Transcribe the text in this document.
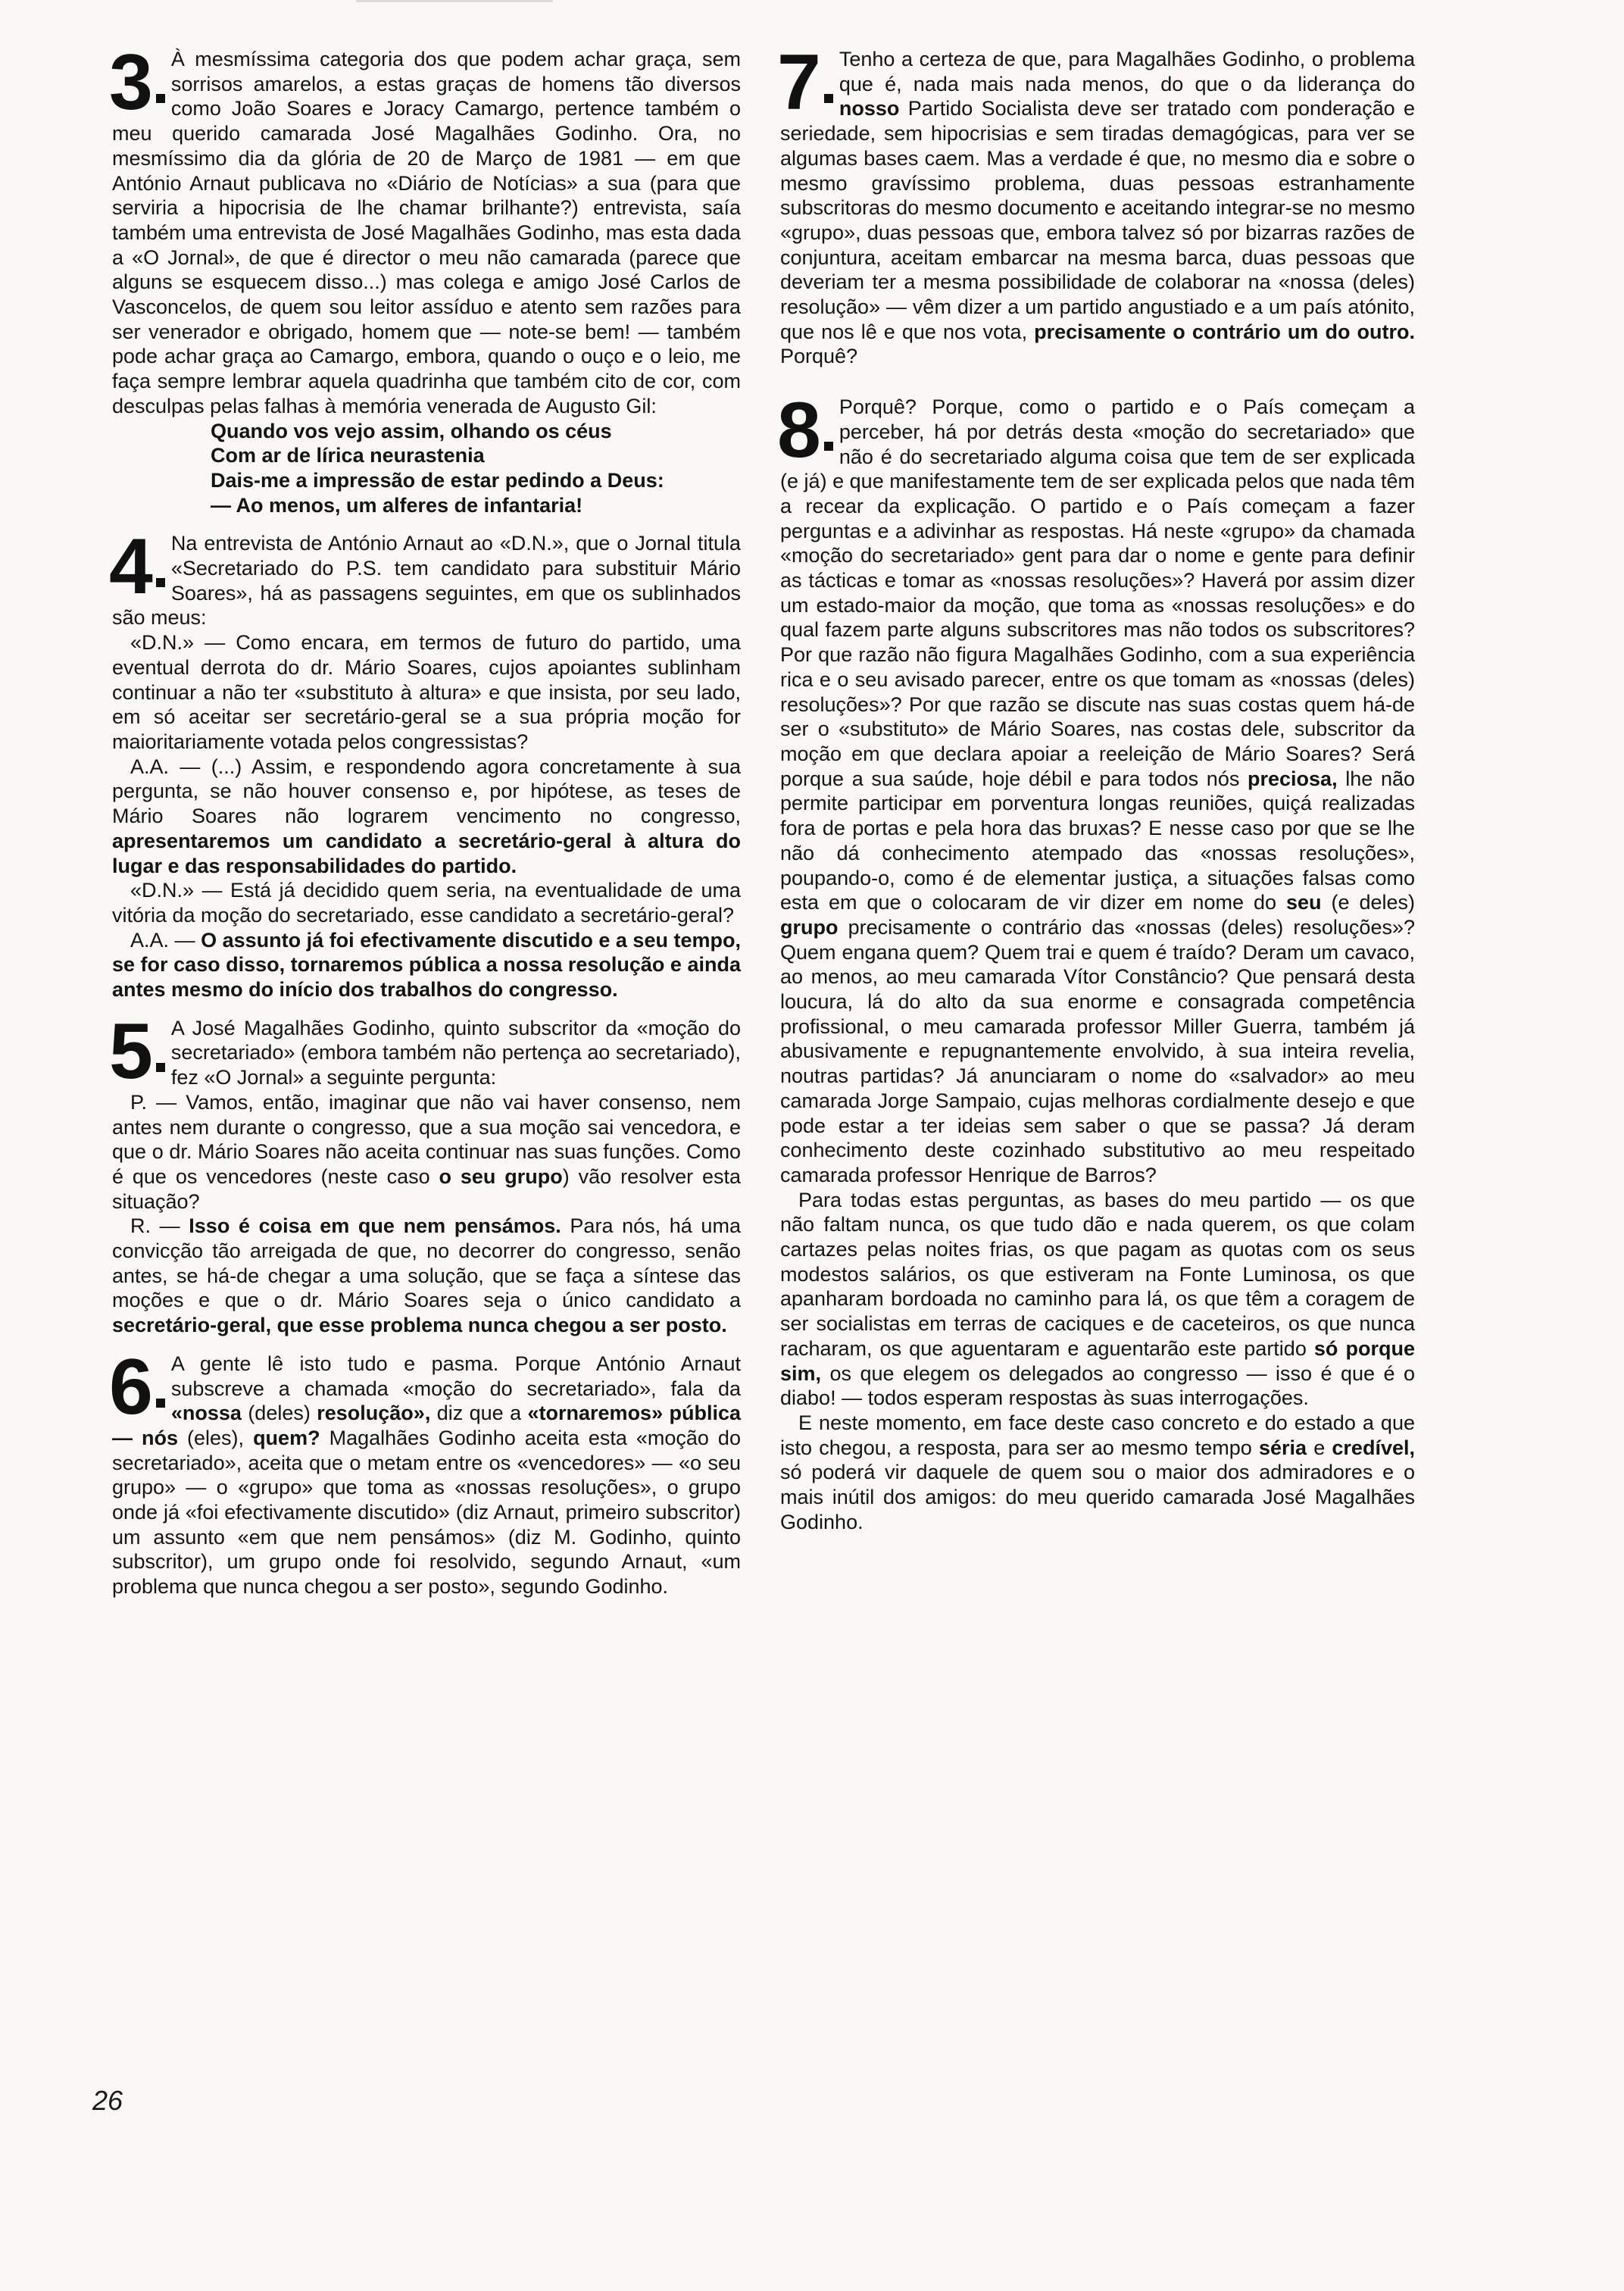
3 À mesmíssima categoria dos que podem achar graça, sem sorrisos amarelos, a estas graças de homens tão diversos como João Soares e Joracy Camargo, pertence também o meu querido camarada José Magalhães Godinho. Ora, no mesmíssimo dia da glória de 20 de Março de 1981 — em que António Arnaut publicava no «Diário de Notícias» a sua (para que serviria a hipocrisia de lhe chamar brilhante?) entrevista, saía também uma entrevista de José Magalhães Godinho, mas esta dada a «O Jornal», de que é director o meu não camarada (parece que alguns se esquecem disso...) mas colega e amigo José Carlos de Vasconcelos, de quem sou leitor assíduo e atento sem razões para ser venerador e obrigado, homem que — note-se bem! — também pode achar graça ao Camargo, embora, quando o ouço e o leio, me faça sempre lembrar aquela quadrinha que também cito de cor, com desculpas pelas falhas à memória venerada de Augusto Gil:

Quando vos vejo assim, olhando os céus
Com ar de lírica neurastenia
Dais-me a impressão de estar pedindo a Deus:
— Ao menos, um alferes de infantaria!
4 Na entrevista de António Arnaut ao «D.N.», que o Jornal titula «Secretariado do P.S. tem candidato para substituir Mário Soares», há as passagens seguintes, em que os sublinhados são meus:

«D.N.» — Como encara, em termos de futuro do partido, uma eventual derrota do dr. Mário Soares, cujos apoiantes sublinham continuar a não ter «substituto à altura» e que insista, por seu lado, em só aceitar ser secretário-geral se a sua própria moção for maioritariamente votada pelos congressistas?

A.A. — (...) Assim, e respondendo agora concretamente à sua pergunta, se não houver consenso e, por hipótese, as teses de Mário Soares não lograrem vencimento no congresso, apresentaremos um candidato a secretário-geral à altura do lugar e das responsabilidades do partido.

«D.N.» — Está já decidido quem seria, na eventualidade de uma vitória da moção do secretariado, esse candidato a secretário-geral?

A.A. — O assunto já foi efectivamente discutido e a seu tempo, se for caso disso, tornaremos pública a nossa resolução e ainda antes mesmo do início dos trabalhos do congresso.

5 A José Magalhães Godinho, quinto subscritor da «moção do secretariado» (embora também não pertença ao secretariado), fez «O Jornal» a seguinte pergunta:

P. — Vamos, então, imaginar que não vai haver consenso, nem antes nem durante o congresso, que a sua moção sai vencedora, e que o dr. Mário Soares não aceita continuar nas suas funções. Como é que os vencedores (neste caso o seu grupo) vão resolver esta situação?

R. — Isso é coisa em que nem pensámos. Para nós, há uma convicção tão arreigada de que, no decorrer do congresso, senão antes, se há-de chegar a uma solução, que se faça a síntese das moções e que o dr. Mário Soares seja o único candidato a secretário-geral, que esse problema nunca chegou a ser posto.

6 A gente lê isto tudo e pasma. Porque António Arnaut subscreve a chamada «moção do secretariado», fala da «nossa (deles) resolução», diz que a «tornaremos» pública — nós (eles), quem? Magalhães Godinho aceita esta «moção do secretariado», aceita que o metam entre os «vencedores» — «o seu grupo» — o «grupo» que toma as «nossas resoluções», o grupo onde já «foi efectivamente discutido» (diz Arnaut, primeiro subscritor) um assunto «em que nem pensámos» (diz M. Godinho, quinto subscritor), um grupo onde foi resolvido, segundo Arnaut, «um problema que nunca chegou a ser posto», segundo Godinho.

7 Tenho a certeza de que, para Magalhães Godinho, o problema que é, nada mais nada menos, do que o da liderança do nosso Partido Socialista deve ser tratado com ponderação e seriedade, sem hipocrisias e sem tiradas demagógicas, para ver se algumas bases caem. Mas a verdade é que, no mesmo dia e sobre o mesmo gravíssimo problema, duas pessoas estranhamente subscritoras do mesmo documento e aceitando integrar-se no mesmo «grupo», duas pessoas que, embora talvez só por bizarras razões de conjuntura, aceitam embarcar na mesma barca, duas pessoas que deveriam ter a mesma possibilidade de colaborar na «nossa (deles) resolução» — vêm dizer a um partido angustiado e a um país atónito, que nos lê e que nos vota, precisamente o contrário um do outro. Porquê?

8 Porquê? Porque, como o partido e o País começam a perceber, há por detrás desta «moção do secretariado» que não é do secretariado alguma coisa que tem de ser explicada (e já) e que manifestamente tem de ser explicada pelos que nada têm a recear da explicação. O partido e o País começam a fazer perguntas e a adivinhar as respostas. Há neste «grupo» da chamada «moção do secretariado» gent para dar o nome e gente para definir as tácticas e tomar as «nossas resoluções»? Haverá por assim dizer um estado-maior da moção, que toma as «nossas resoluções» e do qual fazem parte alguns subscritores mas não todos os subscritores? Por que razão não figura Magalhães Godinho, com a sua experiência rica e o seu avisado parecer, entre os que tomam as «nossas (deles) resoluções»? Por que razão se discute nas suas costas quem há-de ser o «substituto» de Mário Soares, nas costas dele, subscritor da moção em que declara apoiar a reeleição de Mário Soares? Será porque a sua saúde, hoje débil e para todos nós preciosa, lhe não permite participar em porventura longas reuniões, quiçá realizadas fora de portas e pela hora das bruxas? E nesse caso por que se lhe não dá conhecimento atempado das «nossas resoluções», poupando-o, como é de elementar justiça, a situações falsas como esta em que o colocaram de vir dizer em nome do seu (e deles) grupo precisamente o contrário das «nossas (deles) resoluções»? Quem engana quem? Quem trai e quem é traído? Deram um cavaco, ao menos, ao meu camarada Vítor Constâncio? Que pensará desta loucura, lá do alto da sua enorme e consagrada competência profissional, o meu camarada professor Miller Guerra, também já abusivamente e repugnantemente envolvido, à sua inteira revelia, noutras partidas? Já anunciaram o nome do «salvador» ao meu camarada Jorge Sampaio, cujas melhoras cordialmente desejo e que pode estar a ter ideias sem saber o que se passa? Já deram conhecimento deste cozinhado substitutivo ao meu respeitado camarada professor Henrique de Barros?

Para todas estas perguntas, as bases do meu partido — os que não faltam nunca, os que tudo dão e nada querem, os que colam cartazes pelas noites frias, os que pagam as quotas com os seus modestos salários, os que estiveram na Fonte Luminosa, os que apanharam bordoada no caminho para lá, os que têm a coragem de ser socialistas em terras de caciques e de caceteiros, os que nunca racharam, os que aguentaram e aguentarão este partido só porque sim, os que elegem os delegados ao congresso — isso é que é o diabo! — todos esperam respostas às suas interrogações.

E neste momento, em face deste caso concreto e do estado a que isto chegou, a resposta, para ser ao mesmo tempo séria e credível, só poderá vir daquele de quem sou o maior dos admiradores e o mais inútil dos amigos: do meu querido camarada José Magalhães Godinho.

26
